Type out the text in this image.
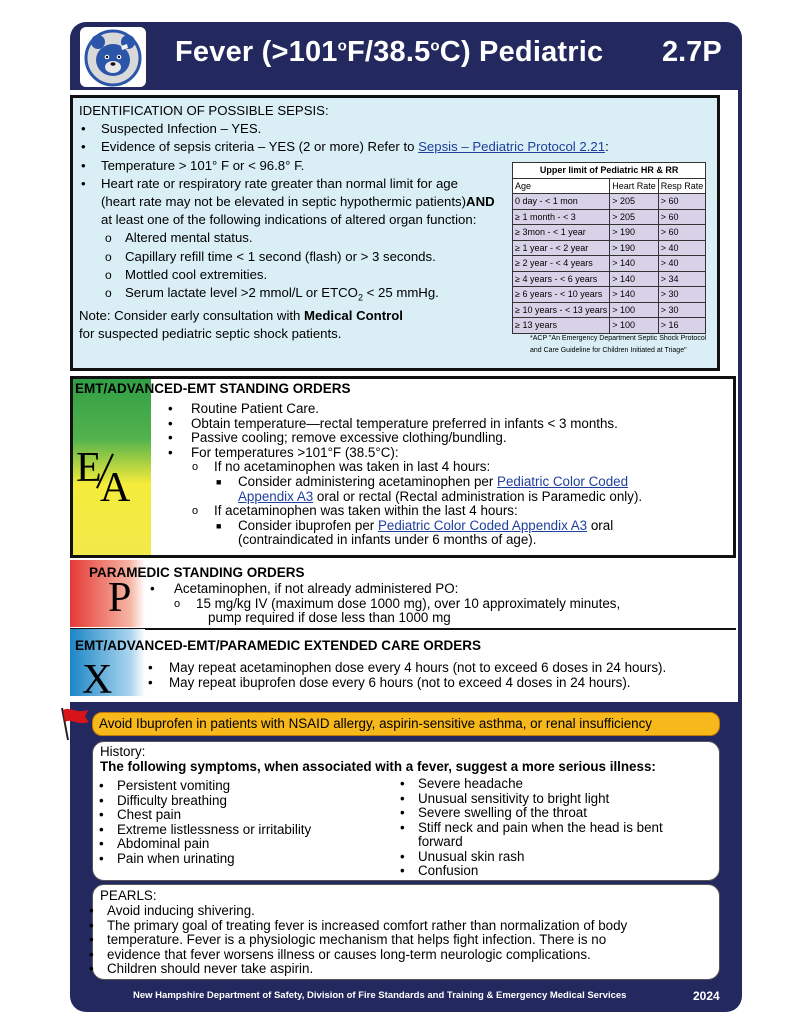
Fever $(>101^oF/38.5^oC)$ Pediatric 2.7P
Medical Protocol2.7P
IDENTIFICATION OF POSSIBLE SEPSIS:
• Suspected Infection – YES.
• Evidence of sepsis criteria – YES (2 or more) Refer to Sepsis – Pediatric Protocol 2.21:
• Temperature > 101° F or < 96.8° F.
• Heart rate or respiratory rate greater than normal limit for age
(heart rate may not be elevated in septic hypothermic patients)AND
at least one of the following indications of altered organ function:
o Altered mental status.
o Capillary refill time < 1 second (flash) or > 3 seconds.
o Mottled cool extremities.
o Serum lactate level >2 mmol/L or $ETCO_2 < 25$ mmHg.
Note: Consider early consultation with Medical Control
for suspected pediatric septic shock patients.
Upper limit of Pediatric HR & RR		
Age	Heart Rate	Resp Rate
0 day - < 1 mon	> 205	> 60
≥ 1 month - < 3	> 205	> 60
≥ 3mon - < 1 year	> 190	> 60
≥ 1 year - < 2 year	> 190	> 40
≥ 2 year - < 4 years	> 140	> 40
≥ 4 years - < 6 years	> 140	> 34
≥ 6 years - < 10 years	> 140	> 30
≥ 10 years - < 13 years	> 100	> 30
≥ 13 years	> 100	> 16
*ACP "An Emergency Department Septic Shock Protocol
and Care Guideline for Children Initiated at Triage"
EMT/ADVANCED-EMT STANDING ORDERS
E
A
• Routine Patient Care.
• Obtain temperature—rectal temperature preferred in infants < 3 months.
• Passive cooling; remove excessive clothing/bundling.
• For temperatures >101°F (38.5°C):
o If no acetaminophen was taken in last 4 hours:
■ Consider administering acetaminophen per Pediatric Color Coded
Appendix A3 oral or rectal (Rectal administration is Paramedic only).
o If acetaminophen was taken within the last 4 hours:
■ Consider ibuprofen per Pediatric Color Coded Appendix A3 oral
(contraindicated in infants under 6 months of age).
PARAMEDIC STANDING ORDERS
P • Acetaminophen, if not already administered PO:
o 15 mg/kg IV (maximum dose 1000 mg), over 10 approximately minutes,
pump required if dose less than 1000 mg
EMT/ADVANCED-EMT/PARAMEDIC EXTENDED CARE ORDERS
X	• May repeat acetaminophen dose every 4 hours (not to exceed 6 doses in 24 hours).
• May repeat ibuprofen dose every 6 hours (not to exceed 4 doses in 24 hours).
Avoid Ibuprofen in patients with NSAID allergy, aspirin-sensitive asthma, or renal insufficiency
History:
The following symptoms, when associated with a fever, suggest a more serious illness:
• Persistent vomiting
• Difficulty breathing
• Chest pain
• Extreme listlessness or irritability
• Abdominal pain
• Pain when urinating
• Severe headache
• Unusual sensitivity to bright light
• Severe swelling of the throat
• Stiff neck and pain when the head is bent
forward
• Unusual skin rash
• Confusion
PEARLS:
• Avoid inducing shivering.
• The primary goal of treating fever is increased comfort rather than normalization of body
• temperature. Fever is a physiologic mechanism that helps fight infection. There is no
• evidence that fever worsens illness or causes long-term neurologic complications.
• Children should never take aspirin.
New Hampshire Department of Safety, Division of Fire Standards and Training & Emergency Medical Services	2024
